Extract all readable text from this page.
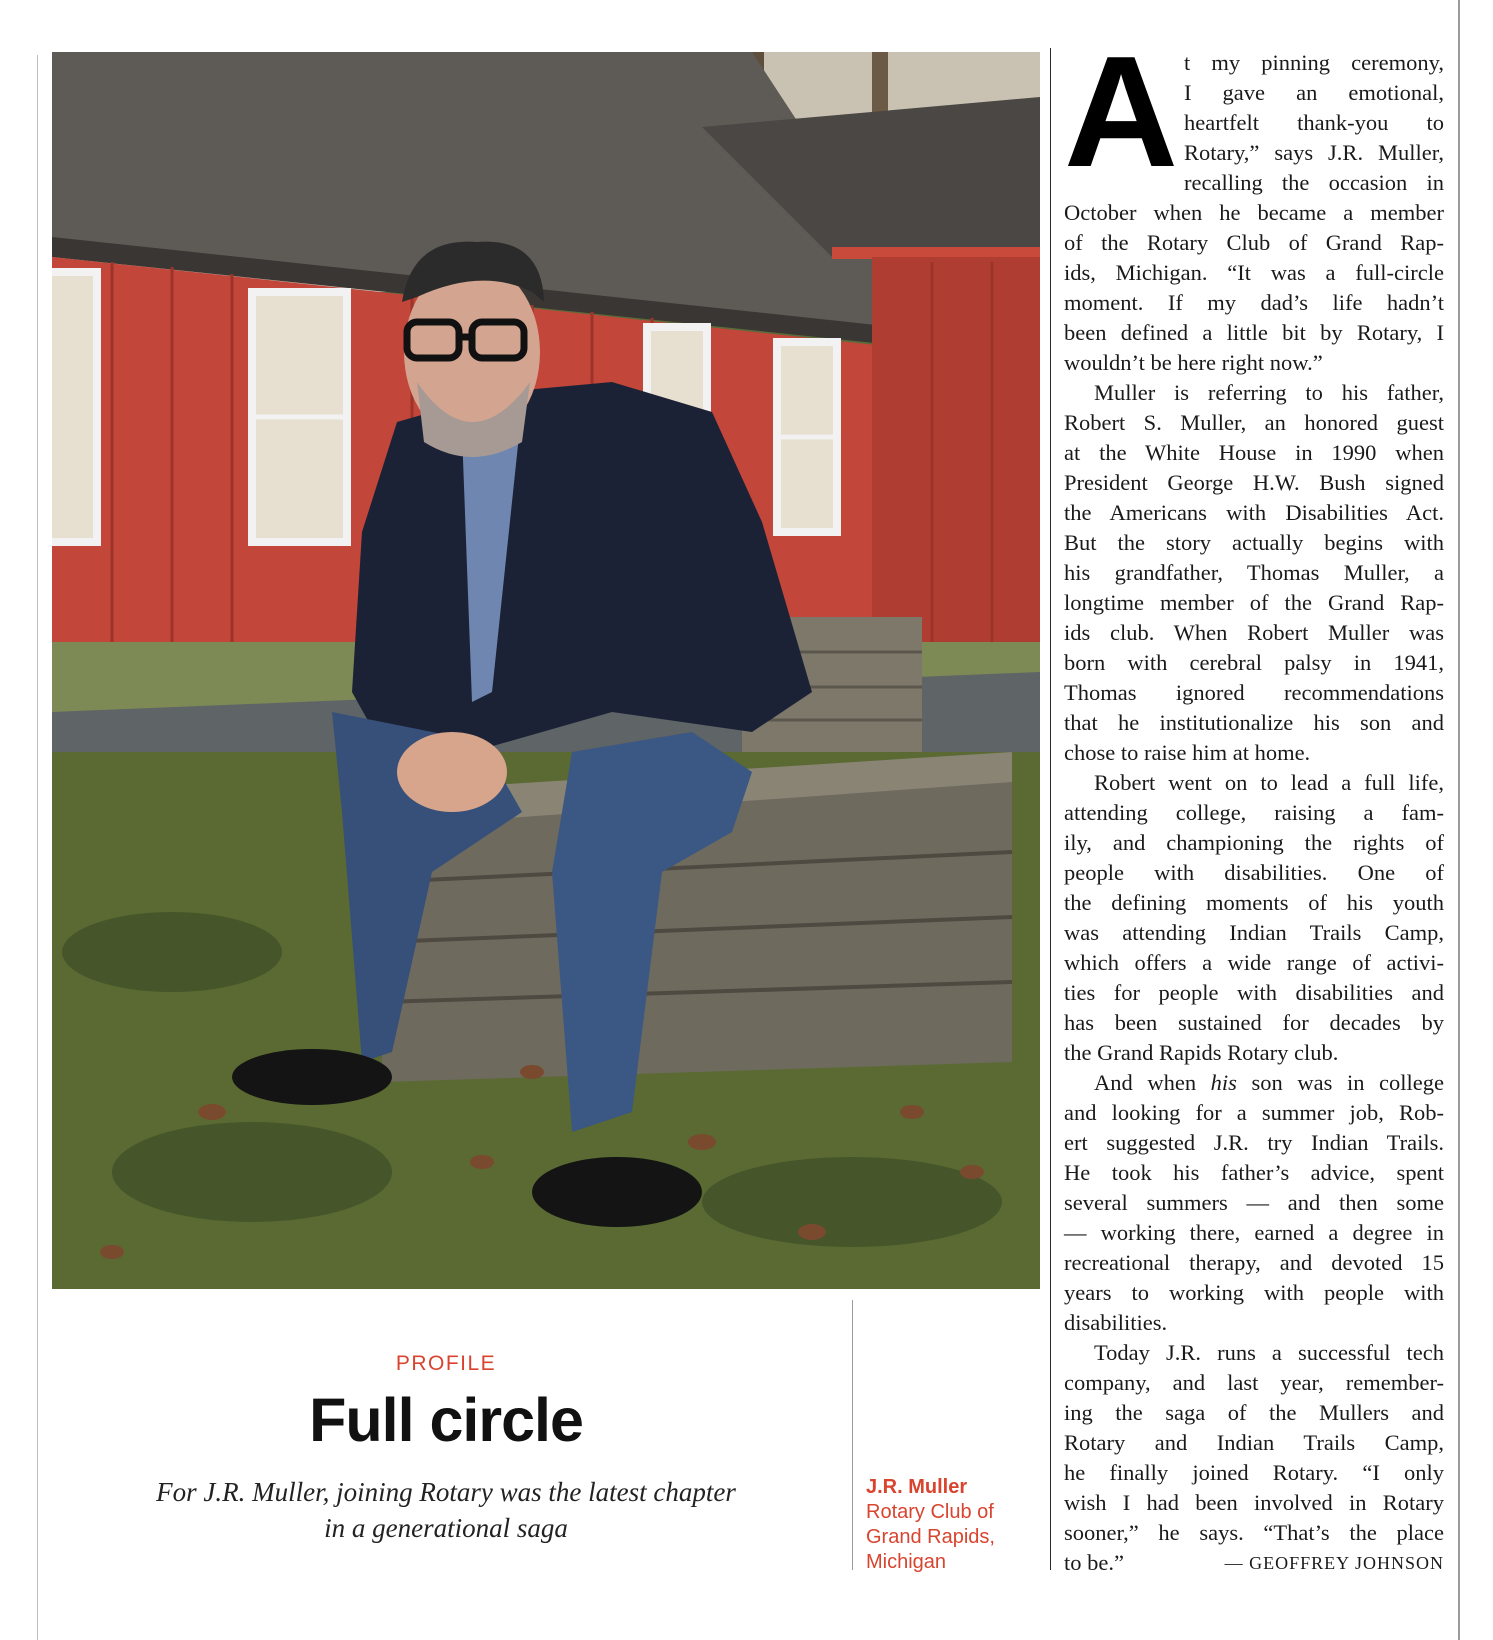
PROFILE
Full circle
For J.R. Muller, joining Rotary was the latest chapter in a generational saga
J.R. Muller
Rotary Club of
Grand Rapids,
Michigan
A t my pinning ceremony,
I gave an emotional,
heartfelt thank-you to
Rotary,” says J.R. Muller,
recalling the occasion in
October when he became a member
of the Rotary Club of Grand Rap-
ids, Michigan. “It was a full-circle
moment. If my dad’s life hadn’t
been defined a little bit by Rotary, I
wouldn’t be here right now.”
Muller is referring to his father,
Robert S. Muller, an honored guest
at the White House in 1990 when
President George H.W. Bush signed
the Americans with Disabilities Act.
But the story actually begins with
his grandfather, Thomas Muller, a
longtime member of the Grand Rap-
ids club. When Robert Muller was
born with cerebral palsy in 1941,
Thomas ignored recommendations
that he institutionalize his son and
chose to raise him at home.
Robert went on to lead a full life,
attending college, raising a fam-
ily, and championing the rights of
people with disabilities. One of
the defining moments of his youth
was attending Indian Trails Camp,
which offers a wide range of activi-
ties for people with disabilities and
has been sustained for decades by
the Grand Rapids Rotary club.
And when his son was in college
and looking for a summer job, Rob-
ert suggested J.R. try Indian Trails.
He took his father’s advice, spent
several summers — and then some
— working there, earned a degree in
recreational therapy, and devoted 15
years to working with people with
disabilities.
Today J.R. runs a successful tech
company, and last year, remember-
ing the saga of the Mullers and
Rotary and Indian Trails Camp,
he finally joined Rotary. “I only
wish I had been involved in Rotary
sooner,” he says. “That’s the place
to be.”	— GEOFFREY JOHNSON
